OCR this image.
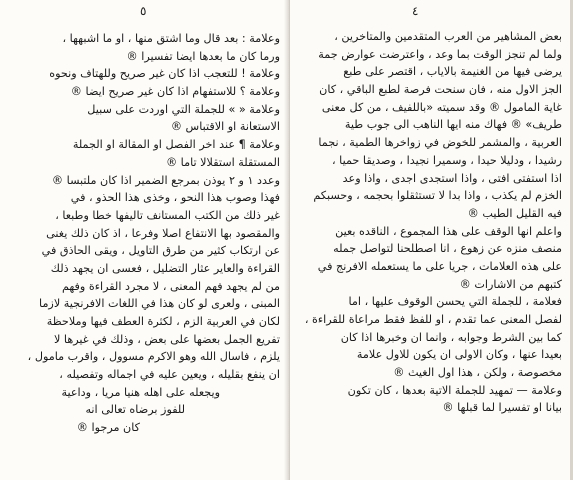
٥
وعلامة : بعد قال وما اشتق منها ، او ما اشبهها ،
ورما كان ما بعدها ايضا تفسيرا ®
وعلامة ! للتعجب اذا كان غير صريح وللهتاف ونحوه
وعلامة ؟ للاستفهام اذا كان غير صريح ايضا ®
وعلامة « » للجملة التي اوردت على سبيل
الاستعانة او الاقتباس ®
وعلامة ¶ عند اخر الفصل او المقالة او الجملة
المستقلة استقلالا تاما ®
وعدد ١ و ٢ يوذن بمرجع الضمير اذا كان ملتبسا ®
فهذا وصوب هذا النحو ، وخذى هذا الحذو ، في
غير ذلك من الكتب المستانف تاليفها خطا وطبعا ،
والمقصود بها الانتفاع اصلا وفرعا ، اذ كان ذلك يغنى
عن ارتكاب كثير من طرق التاويل ، ويقى الحاذق في
القراءة والعاير عثار التضليل ، فعسى ان يجهد ذلك
من لم يجهد فهم المعنى ، لا مجرد القراءة وفهم
المبنى ، ولعرى لو كان هذا في اللغات الافرنجية لازما
لكان في العربية الزم ، لكثرة العطف فيها وملاحظة
تفريع الجمل بعضها على بعض ، وذلك في غيرها لا
يلزم ، فاسال الله وهو الاكرم مسوول ، واقرب مامول ،
ان ينفع بقليله ، ويعين عليه في اجماله وتفصيله ،
ويجعله على اهله هنيا مريا ، وداعية
للفوز برضاه تعالى انه
كان مرجوا ®
٤
بعض المشاهير من العرب المتقدمين والمتاخرين ،
ولما لم تنجز الوقت بما وعد ، واعترضت عوارض جمة
يرضى فيها من الغنيمة بالاياب ، اقتصر على طبع
الجز الاول منه ، فان سنحت فرصة لطبع الباقي ، كان
غاية المامول ® وقد سميته «باللفيف ، من كل معنى
طريف» ® فهاك منه ايها الناهب الى جوب طية
العربية ، والمشمر للخوض في زواخرها الطمية ، نجما
رشيدا ، ودليلا حيدا ، وسميرا نجيدا ، وصديقا حميا ،
اذا استفتى افتى ، واذا استجدى اجدى ، واذا وعد
الخزم لم يكذب ، واذا بدا لا تستثقلوا بحجمه ، وحسبكم
فيه القليل الطيب ®
واعلم انها الوقف على هذا المجموع ، الناقده بعين
منصف منزه عن زهوع ، انا اصطلحنا لتواصل جمله
على هذه العلامات ، جريا على ما يستعمله الافرنج في
كتبهم من الاشارات ®
فعلامة ، للجملة التي يحسن الوقوف عليها ، اما
لفصل المعنى عما تقدم ، او للفظ فقط مراعاة للقراءة ،
كما بين الشرط وجوابه ، وانما ان وخبرها اذا كان
بعيدا عنها ، وكان الاولى ان يكون للاول علامة
مخصوصة ، ولكن ، هذا اول الغيث ®
وعلامة — تمهيد للجملة الاتية بعدها ، كان تكون
بيانا او تفسيرا لما قبلها ®
